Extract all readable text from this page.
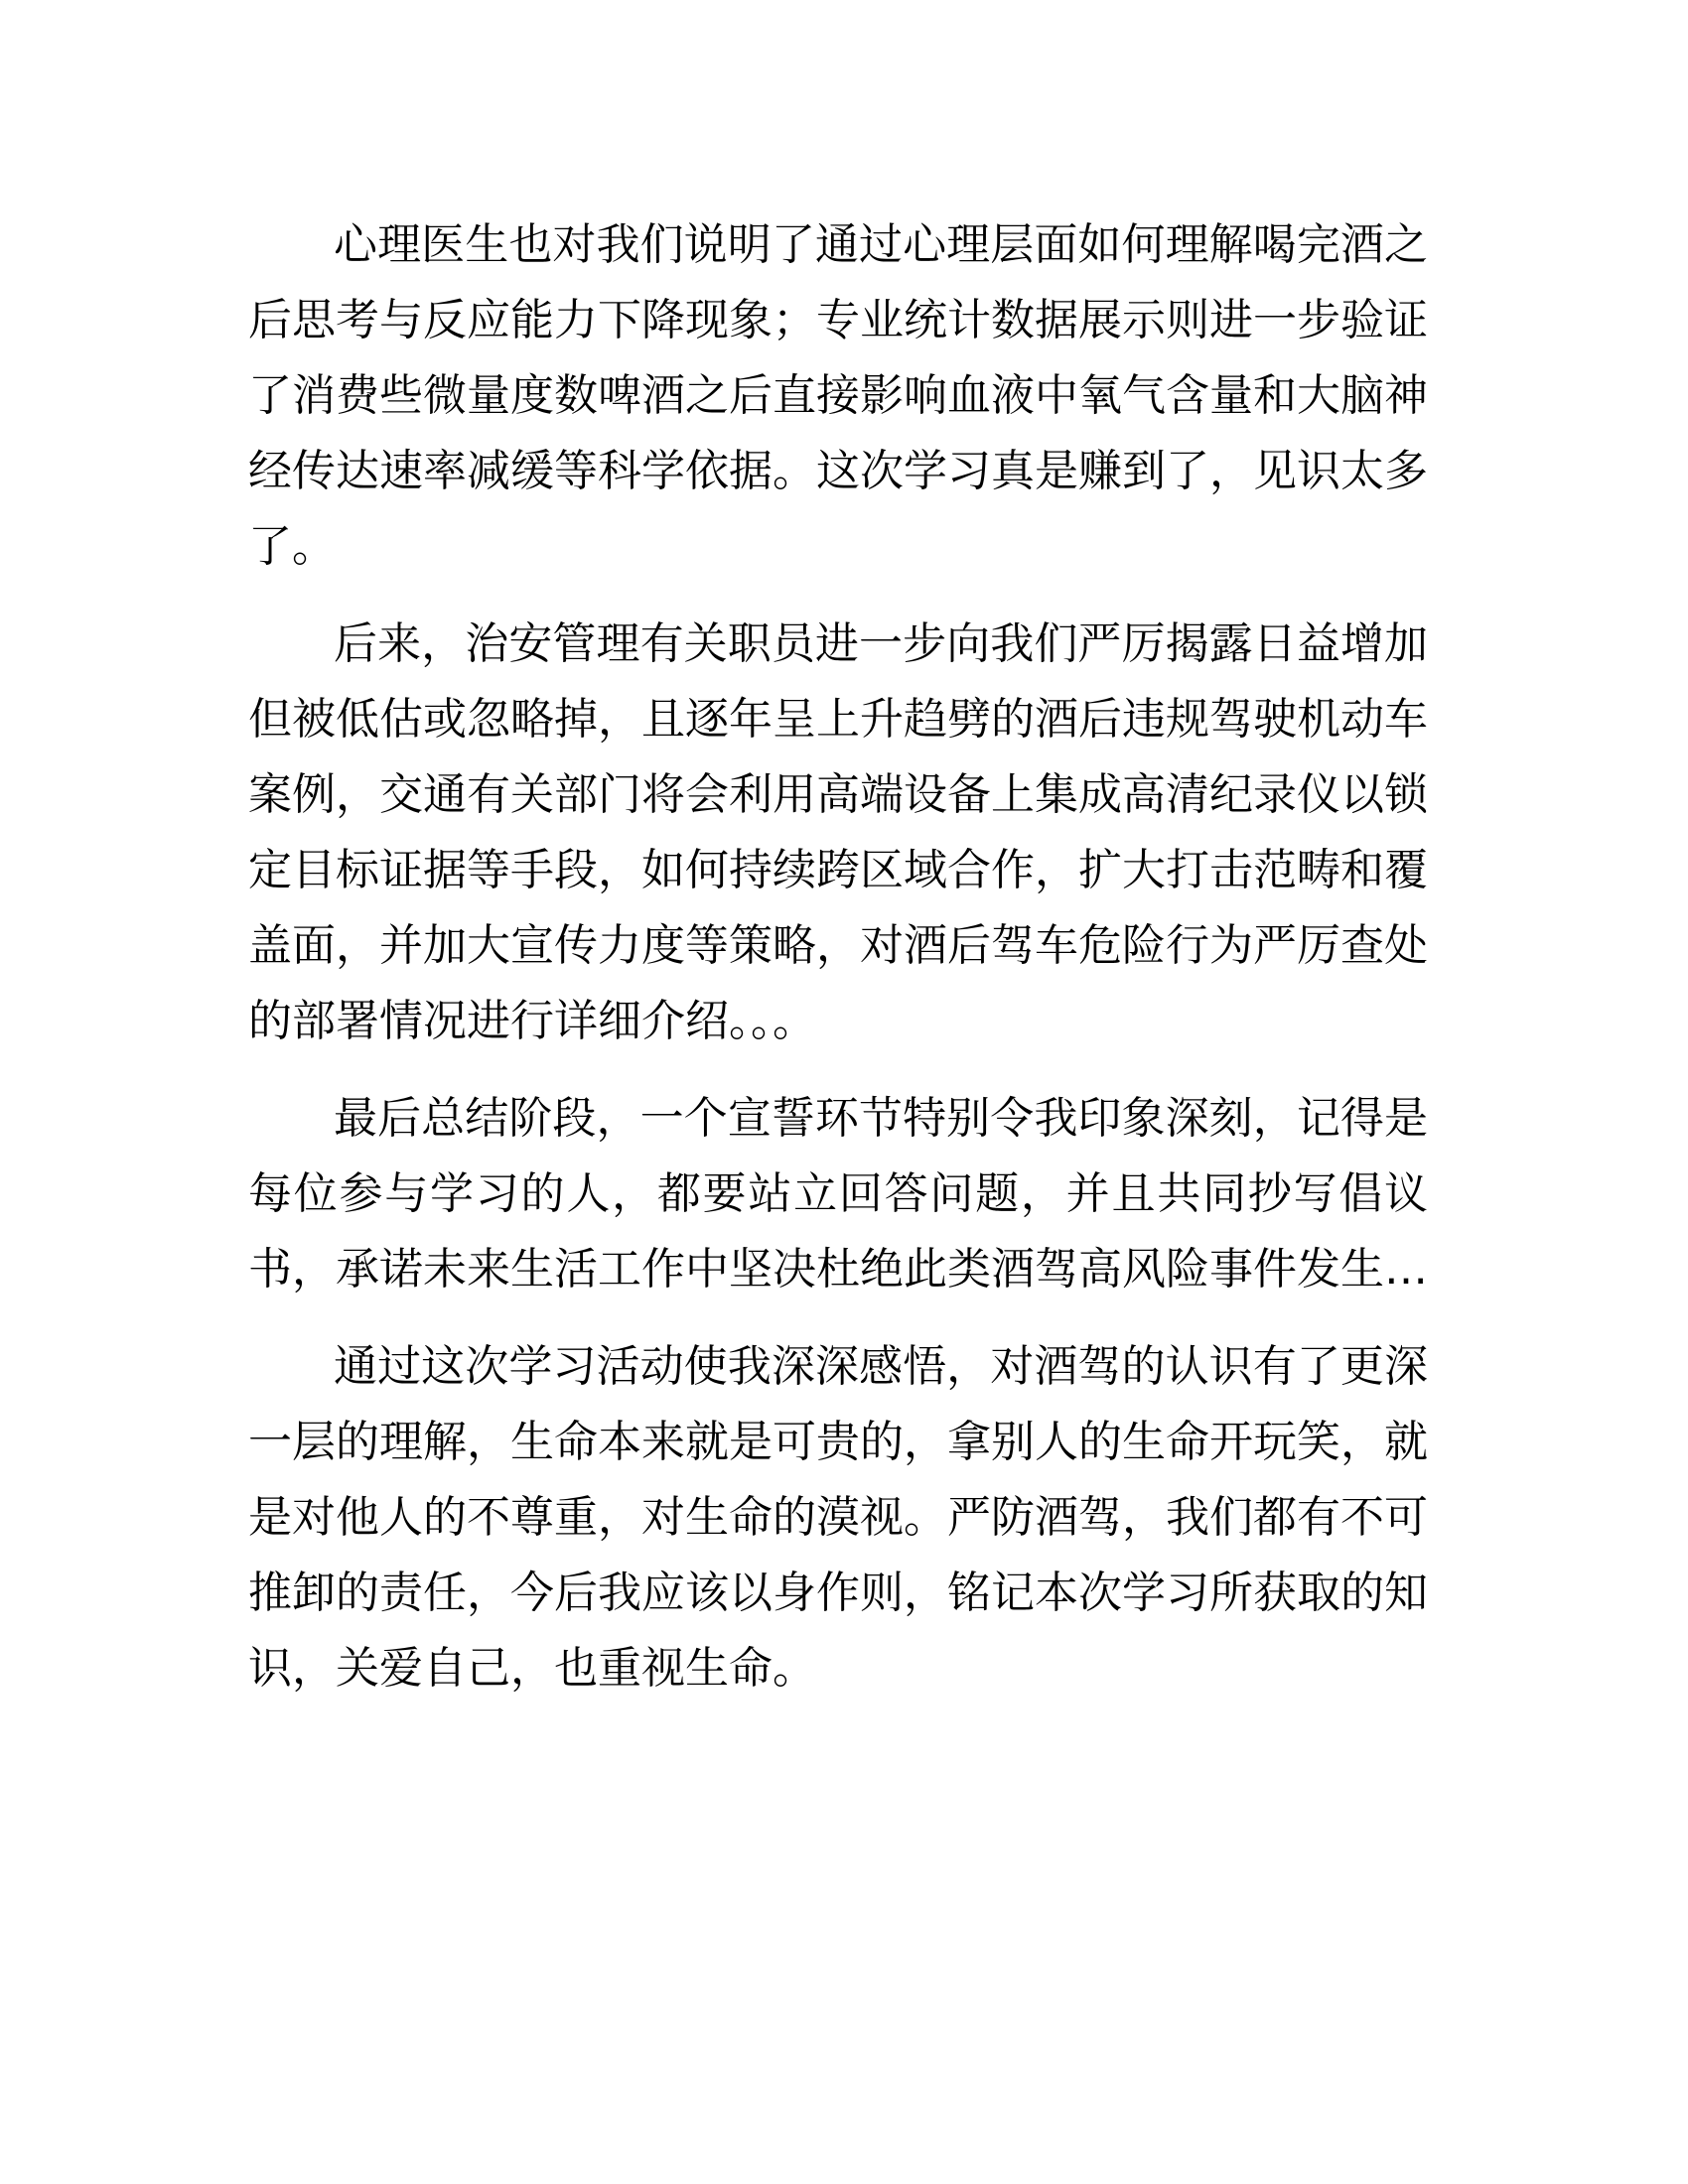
心理医生也对我们说明了通过心理层面如何理解喝完酒之
后思考与反应能力下降现象；专业统计数据展示则进一步验证
了消费些微量度数啤酒之后直接影响血液中氧气含量和大脑神
经传达速率减缓等科学依据。这次学习真是赚到了，见识太多
了。
后来，治安管理有关职员进一步向我们严厉揭露日益增加
但被低估或忽略掉，且逐年呈上升趋劈的酒后违规驾驶机动车
案例，交通有关部门将会利用高端设备上集成高清纪录仪以锁
定目标证据等手段，如何持续跨区域合作，扩大打击范畴和覆
盖面，并加大宣传力度等策略，对酒后驾车危险行为严厉查处
的部署情况进行详细介绍。。。
最后总结阶段，一个宣誓环节特别令我印象深刻，记得是
每位参与学习的人，都要站立回答问题，并且共同抄写倡议
书，承诺未来生活工作中坚决杜绝此类酒驾高风险事件发生…
通过这次学习活动使我深深感悟，对酒驾的认识有了更深
一层的理解，生命本来就是可贵的，拿别人的生命开玩笑，就
是对他人的不尊重，对生命的漠视。严防酒驾，我们都有不可
推卸的责任，今后我应该以身作则，铭记本次学习所获取的知
识，关爱自己，也重视生命。
